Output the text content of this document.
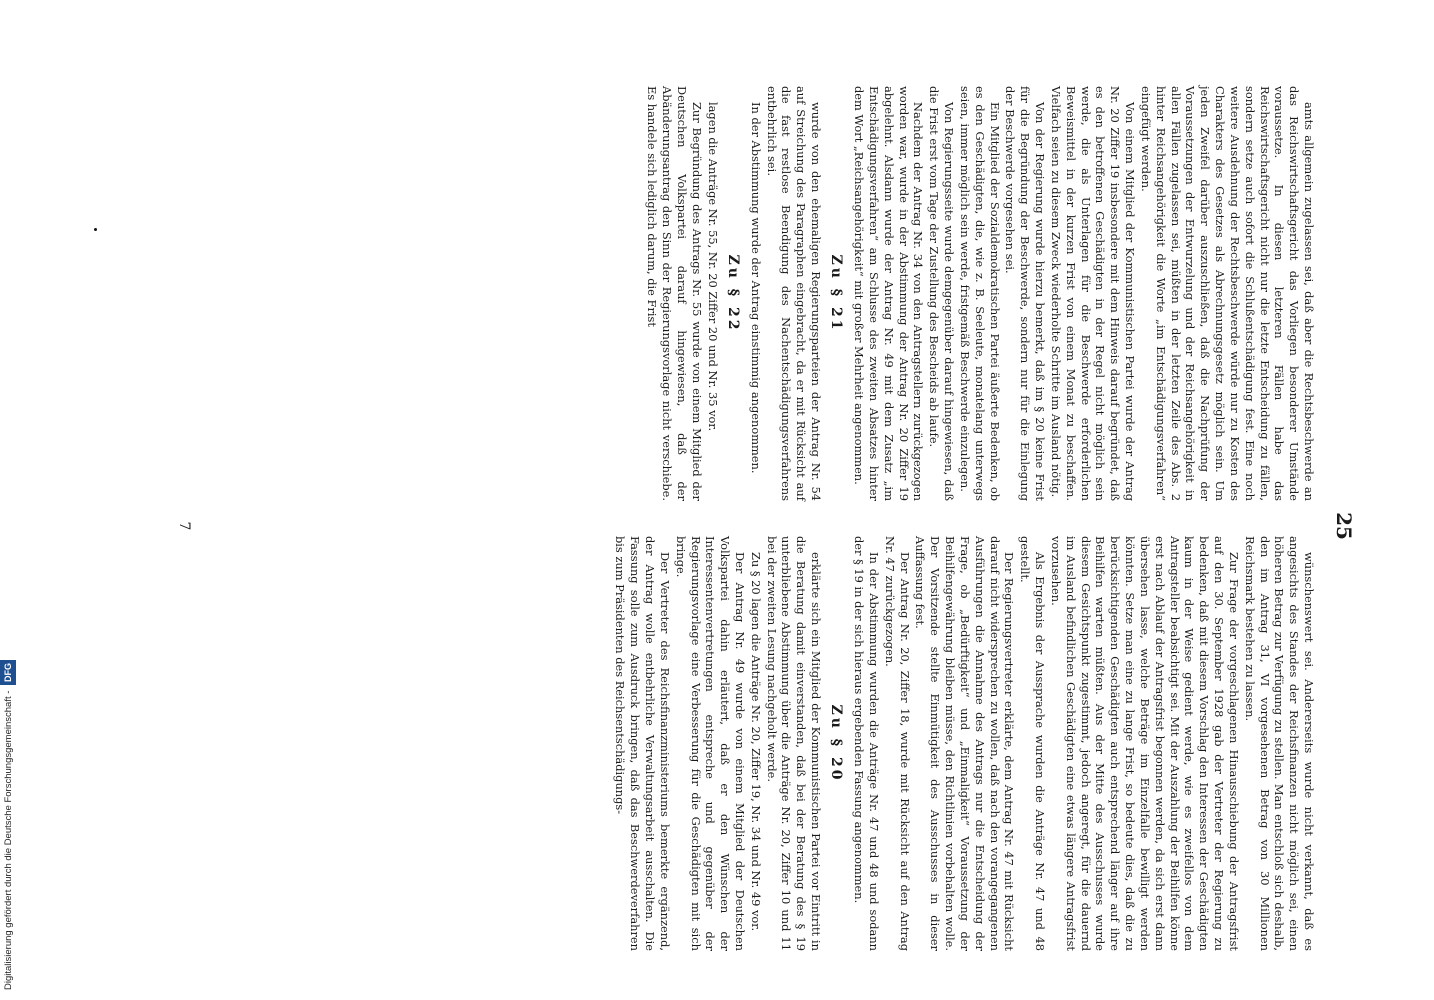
25

amts allgemein zugelassen sei, daß aber die Rechtsbeschwerde an das Reichswirtschaftsgericht das Vorliegen besonderer Umstände voraussetze. In diesen letzteren Fällen habe das Reichswirtschaftsgericht nicht nur die letzte Entscheidung zu fällen, sondern setze auch sofort die Schlußentschädigung fest. Eine noch weitere Ausdehnung der Rechtsbeschwerde würde nur zu Kosten des Charakters des Gesetzes als Abrechnungsgesetz möglich sein. Um jeden Zweifel darüber auszuschließen, daß die Nachprüfung der Voraussetzungen der Entwurzelung und der Reichsangehörigkeit in allen Fällen zugelassen sei, müßten in der letzten Zeile des Abs. 2 hinter Reichsangehörigkeit die Worte „im Entschädigungsverfahren“ eingefügt werden.

Von einem Mitglied der Kommunistischen Partei wurde der Antrag Nr. 20 Ziffer 19 insbesondere mit dem Hinweis darauf begründet, daß es den betroffenen Geschädigten in der Regel nicht möglich sein werde, die als Unterlagen für die Beschwerde erforderlichen Beweismittel in der kurzen Frist von einem Monat zu beschaffen. Vielfach seien zu diesem Zweck wiederholte Schritte im Ausland nötig.

Von der Regierung wurde hierzu bemerkt, daß im § 20 keine Frist für die Begründung der Beschwerde, sondern nur für die Einlegung der Beschwerde vorgesehen sei.

Ein Mitglied der Sozialdemokratischen Partei äußerte Bedenken, ob es den Geschädigten, die, wie z. B. Seeleute, monatelang unterwegs seien, immer möglich sein werde, fristgemäß Beschwerde einzulegen.

Von Regierungsseite wurde demgegenüber darauf hingewiesen, daß die Frist erst vom Tage der Zustellung des Bescheids ab laufe.

Nachdem der Antrag Nr. 34 von den Antragstellern zurückgezogen worden war, wurde in der Abstimmung der Antrag Nr. 20 Ziffer 19 abgelehnt. Alsdann wurde der Antrag Nr. 49 mit dem Zusatz „im Entschädigungsverfahren“ am Schlusse des zweiten Absatzes hinter dem Wort „Reichsangehörigkeit“ mit großer Mehrheit angenommen.

Zu § 21

wurde von den ehemaligen Regierungsparteien der Antrag Nr. 54 auf Streichung des Paragraphen eingebracht, da er mit Rücksicht auf die fast restlose Beendigung des Nachentschädigungsverfahrens entbehrlich sei.

In der Abstimmung wurde der Antrag einstimmig angenommen.

Zu § 22

lagen die Anträge Nr. 55, Nr. 20 Ziffer 20 und Nr. 35 vor.

Zur Begründung des Antrags Nr. 55 wurde von einem Mitglied der Deutschen Volkspartei darauf hingewiesen, daß der Abänderungsantrag den Sinn der Regierungsvorlage nicht verschiebe. Es handele sich lediglich darum, die Frist

wünschenswert sei. Andererseits wurde nicht verkannt, daß es angesichts des Standes der Reichsfinanzen nicht möglich sei, einen höheren Betrag zur Verfügung zu stellen. Man entschloß sich deshalb, den im Antrag 31, VI vorgesehenen Betrag von 30 Millionen Reichsmark bestehen zu lassen.

Zur Frage der vorgeschlagenen Hinausschiebung der Antragsfrist auf den 30. September 1928 gab der Vertreter der Regierung zu bedenken, daß mit diesem Vorschlag den Interessen der Geschädigten kaum in der Weise gedient werde, wie es zweifellos von dem Antragsteller beabsichtigt sei. Mit der Auszahlung der Beihilfen könne erst nach Ablauf der Antragsfrist begonnen werden, da sich erst dann übersehen lasse, welche Beträge im Einzelfalle bewilligt werden könnten. Setze man eine zu lange Frist, so bedeute dies, daß die zu berücksichtigenden Geschädigten auch entsprechend länger auf ihre Beihilfen warten müßten. Aus der Mitte des Ausschusses wurde diesem Gesichtspunkt zugestimmt, jedoch angeregt, für die dauernd im Ausland befindlichen Geschädigten eine etwas längere Antragsfrist vorzusehen.

Als Ergebnis der Aussprache wurden die Anträge Nr. 47 und 48 gestellt.

Der Regierungsvertreter erklärte, dem Antrag Nr. 47 mit Rücksicht darauf nicht widersprechen zu wollen, daß nach den vorangegangenen Ausführungen die Annahme des Antrags nur die Entscheidung der Frage, ob „Bedürftigkeit“ und „Einmaligkeit“ Voraussetzung der Beihilfengewährung bleiben müsse, den Richtlinien vorbehalten wolle. Der Vorsitzende stellte Einmütigkeit des Ausschusses in dieser Auffassung fest.

Der Antrag Nr. 20, Ziffer 18, wurde mit Rücksicht auf den Antrag Nr. 47 zurückgezogen.

In der Abstimmung wurden die Anträge Nr. 47 und 48 und sodann der § 19 in der sich hieraus ergebenden Fassung angenommen.

Zu § 20

erklärte sich ein Mitglied der Kommunistischen Partei vor Eintritt in die Beratung damit einverstanden, daß bei der Beratung des § 19 unterbliebene Abstimmung über die Anträge Nr. 20, Ziffer 10 und 11 bei der zweiten Lesung nachgeholt werde.

Zu § 20 lagen die Anträge Nr. 20, Ziffer 19, Nr. 34 und Nr. 49 vor.

Der Antrag Nr. 49 wurde von einem Mitglied der Deutschen Volkspartei dahin erläutert, daß er den Wünschen der Interessentenvertretungen entspreche und gegenüber der Regierungsvorlage eine Verbesserung für die Geschädigten mit sich bringe.

Der Vertreter des Reichsfinanzministeriums bemerkte ergänzend, der Antrag wolle entbehrliche Verwaltungsarbeit ausschalten. Die Fassung solle zum Ausdruck bringen, daß das Beschwerdeverfahren bis zum Präsidenten des Reichsentschädigungs-

7
Digitalisierung gefördert durch die Deutsche Forschungsgemeinschaft - DFG
